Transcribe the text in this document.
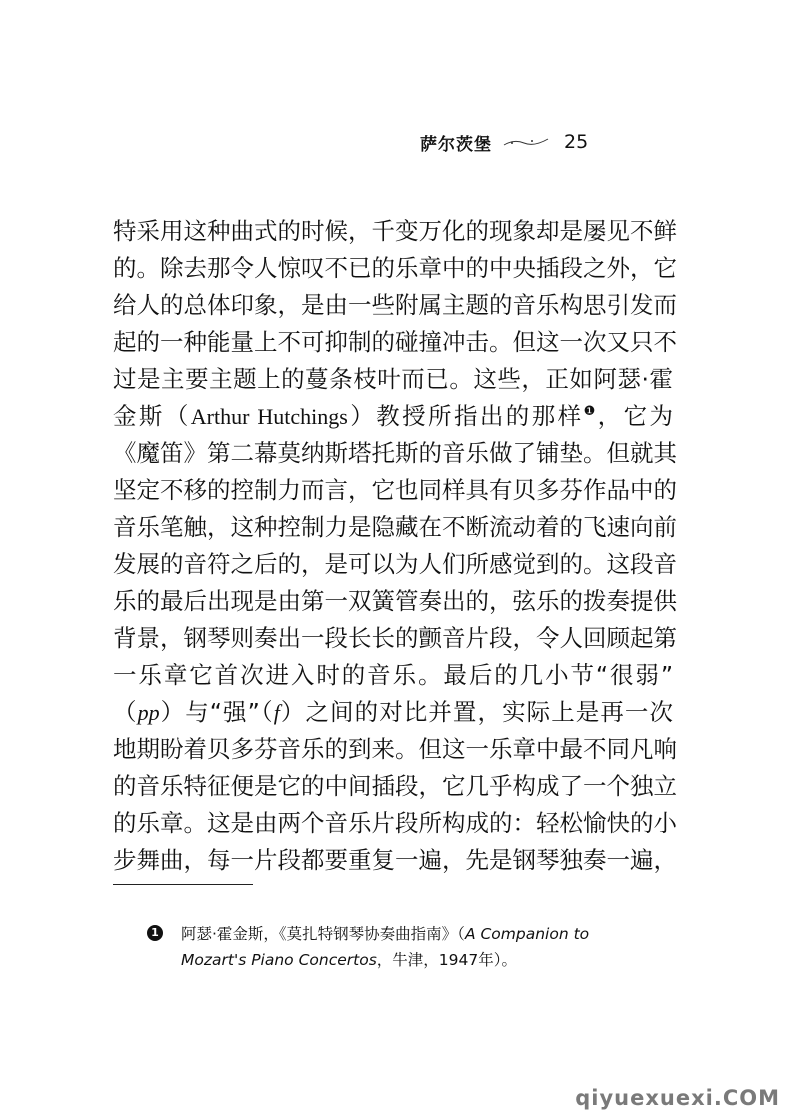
萨尔茨堡	25
特采用这种曲式的时候，千变万化的现象却是屡见不鲜
的。除去那令人惊叹不已的乐章中的中央插段之外，它
给人的总体印象，是由一些附属主题的音乐构思引发而
起的一种能量上不可抑制的碰撞冲击。但这一次又只不
过是主要主题上的蔓条枝叶而已。这些，正如阿瑟·霍
金斯（Arthur Hutchings）教授所指出的那样$^❶$，它为
《魔笛》第二幕莫纳斯塔托斯的音乐做了铺垫。但就其
坚定不移的控制力而言，它也同样具有贝多芬作品中的
音乐笔触，这种控制力是隐藏在不断流动着的飞速向前
发展的音符之后的，是可以为人们所感觉到的。这段音
乐的最后出现是由第一双簧管奏出的，弦乐的拨奏提供
背景，钢琴则奏出一段长长的颤音片段，令人回顾起第
一乐章它首次进入时的音乐。最后的几小节“很弱”
（pp）与“强”（f）之间的对比并置，实际上是再一次
地期盼着贝多芬音乐的到来。但这一乐章中最不同凡响
的音乐特征便是它的中间插段，它几乎构成了一个独立
的乐章。这是由两个音乐片段所构成的：轻松愉快的小
步舞曲，每一片段都要重复一遍，先是钢琴独奏一遍，
1	阿瑟·霍金斯，《莫扎特钢琴协奏曲指南》（A Companion to
Mozart's Piano Concertos，牛津，1947年）。
qiyuexuexi.COM
